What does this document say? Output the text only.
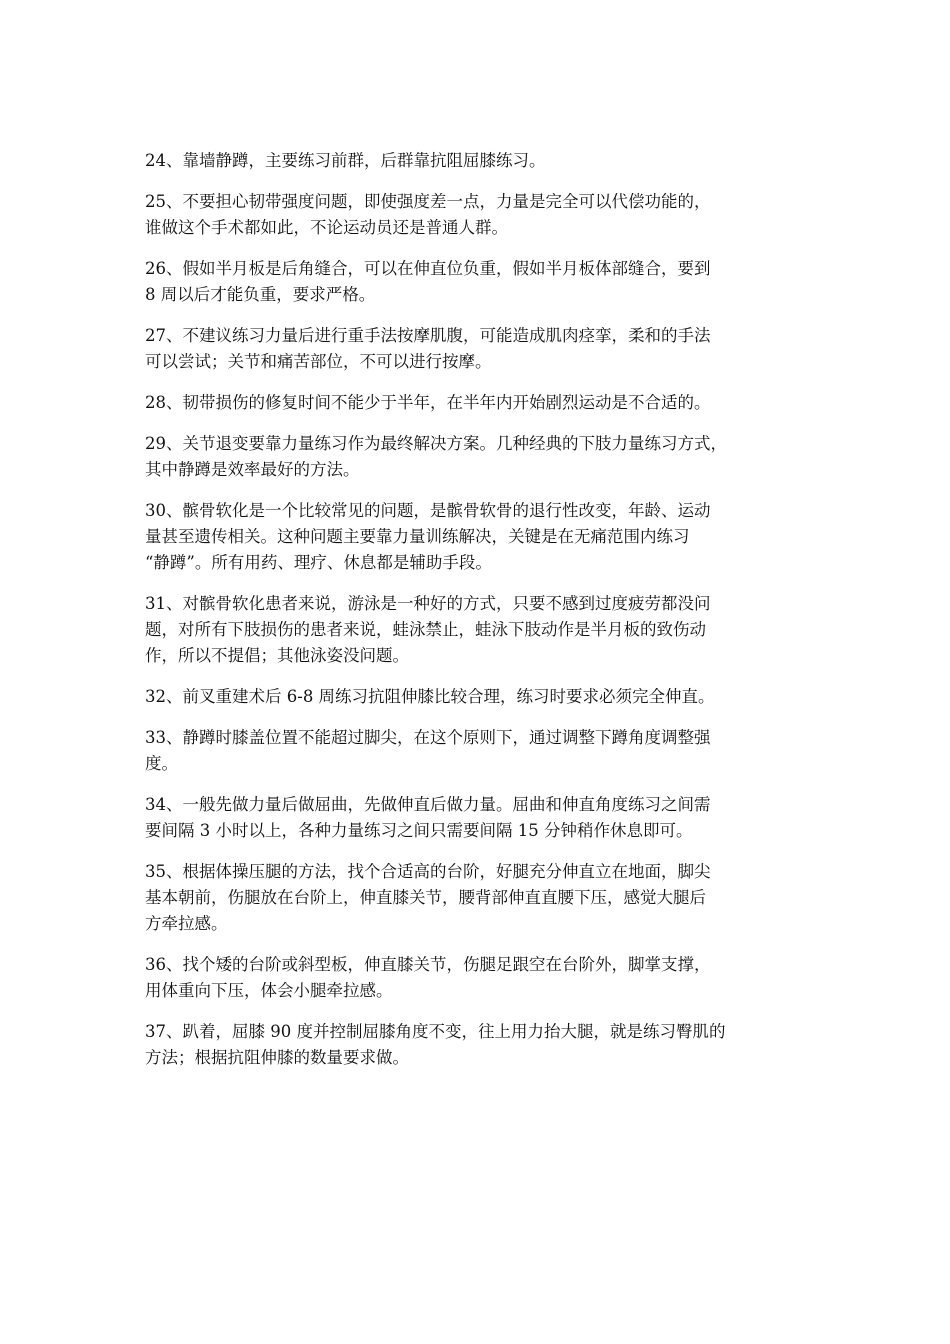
24、靠墙静蹲，主要练习前群，后群靠抗阻屈膝练习。

25、不要担心韧带强度问题，即使强度差一点，力量是完全可以代偿功能的，
谁做这个手术都如此，不论运动员还是普通人群。

26、假如半月板是后角缝合，可以在伸直位负重，假如半月板体部缝合，要到
8 周以后才能负重，要求严格。

27、不建议练习力量后进行重手法按摩肌腹，可能造成肌肉痉挛，柔和的手法
可以尝试；关节和痛苦部位，不可以进行按摩。

28、韧带损伤的修复时间不能少于半年，在半年内开始剧烈运动是不合适的。

29、关节退变要靠力量练习作为最终解决方案。几种经典的下肢力量练习方式，
其中静蹲是效率最好的方法。

30、髌骨软化是一个比较常见的问题，是髌骨软骨的退行性改变，年龄、运动
量甚至遗传相关。这种问题主要靠力量训练解决，关键是在无痛范围内练习
“静蹲”。所有用药、理疗、休息都是辅助手段。

31、对髌骨软化患者来说，游泳是一种好的方式，只要不感到过度疲劳都没问
题，对所有下肢损伤的患者来说，蛙泳禁止，蛙泳下肢动作是半月板的致伤动
作，所以不提倡；其他泳姿没问题。

32、前叉重建术后 6-8 周练习抗阻伸膝比较合理，练习时要求必须完全伸直。

33、静蹲时膝盖位置不能超过脚尖，在这个原则下，通过调整下蹲角度调整强
度。

34、一般先做力量后做屈曲，先做伸直后做力量。屈曲和伸直角度练习之间需
要间隔 3 小时以上，各种力量练习之间只需要间隔 15 分钟稍作休息即可。

35、根据体操压腿的方法，找个合适高的台阶，好腿充分伸直立在地面，脚尖
基本朝前，伤腿放在台阶上，伸直膝关节，腰背部伸直直腰下压，感觉大腿后
方牵拉感。

36、找个矮的台阶或斜型板，伸直膝关节，伤腿足跟空在台阶外，脚掌支撑，
用体重向下压，体会小腿牵拉感。

37、趴着，屈膝 90 度并控制屈膝角度不变，往上用力抬大腿，就是练习臀肌的
方法；根据抗阻伸膝的数量要求做。
